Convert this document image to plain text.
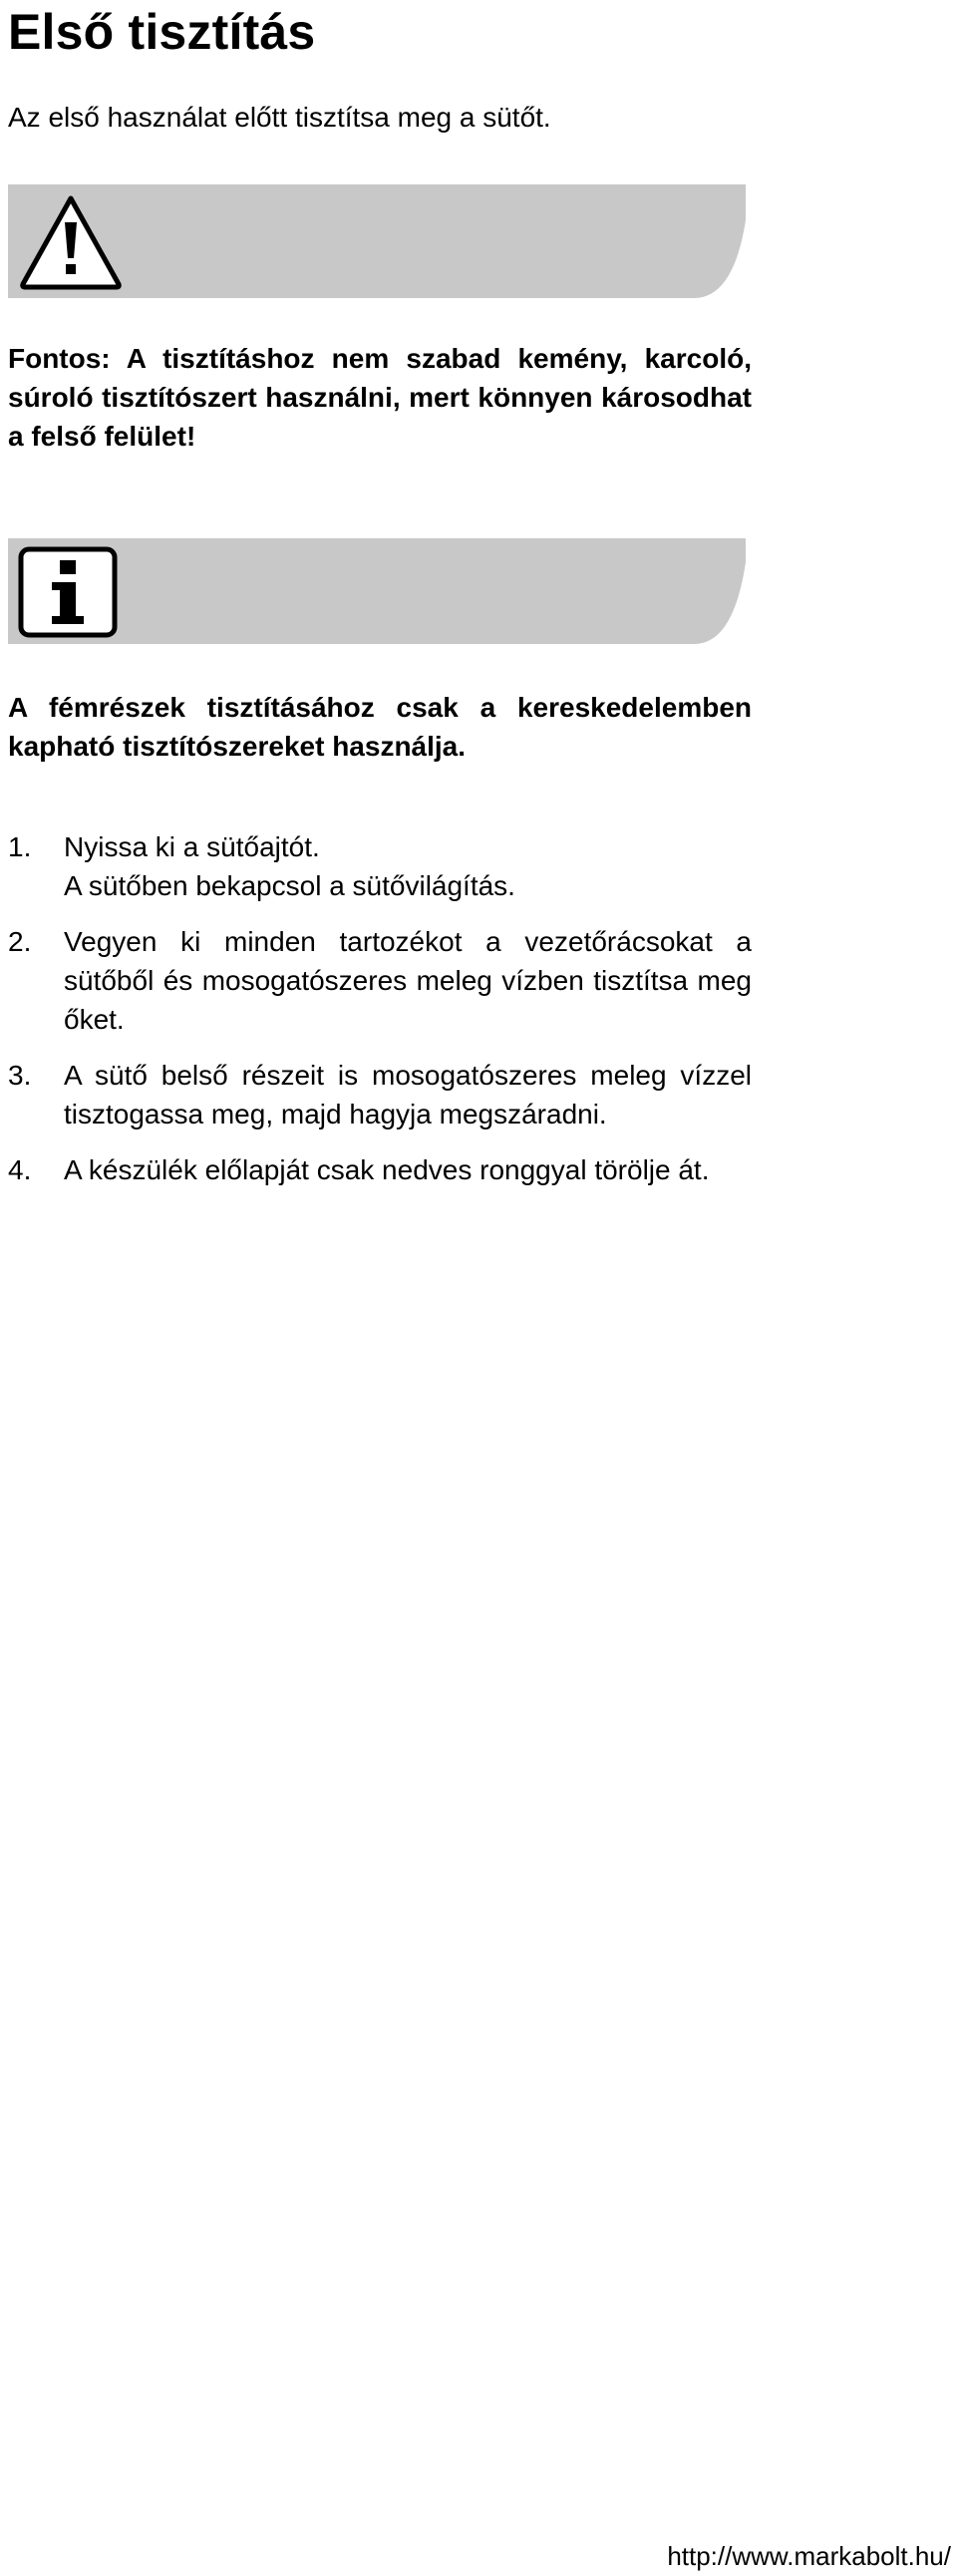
Első tisztítás

Az első használat előtt tisztítsa meg a sütőt.

Fontos: A tisztításhoz nem szabad kemény, karcoló, súroló tisztítószert használni, mert könnyen károsodhat a felső felület!

A fémrészek tisztításához csak a kereskedelemben kapható tisztítószereket használja.

1. Nyissa ki a sütőajtót.
A sütőben bekapcsol a sütővilágítás.
2. Vegyen ki minden tartozékot a vezetőrácsokat a sütőből és mosogatószeres meleg vízben tisztítsa meg őket.
3. A sütő belső részeit is mosogatószeres meleg vízzel tisztogassa meg, majd hagyja megszáradni.
4. A készülék előlapját csak nedves ronggyal törölje át.
http://www.markabolt.hu/
